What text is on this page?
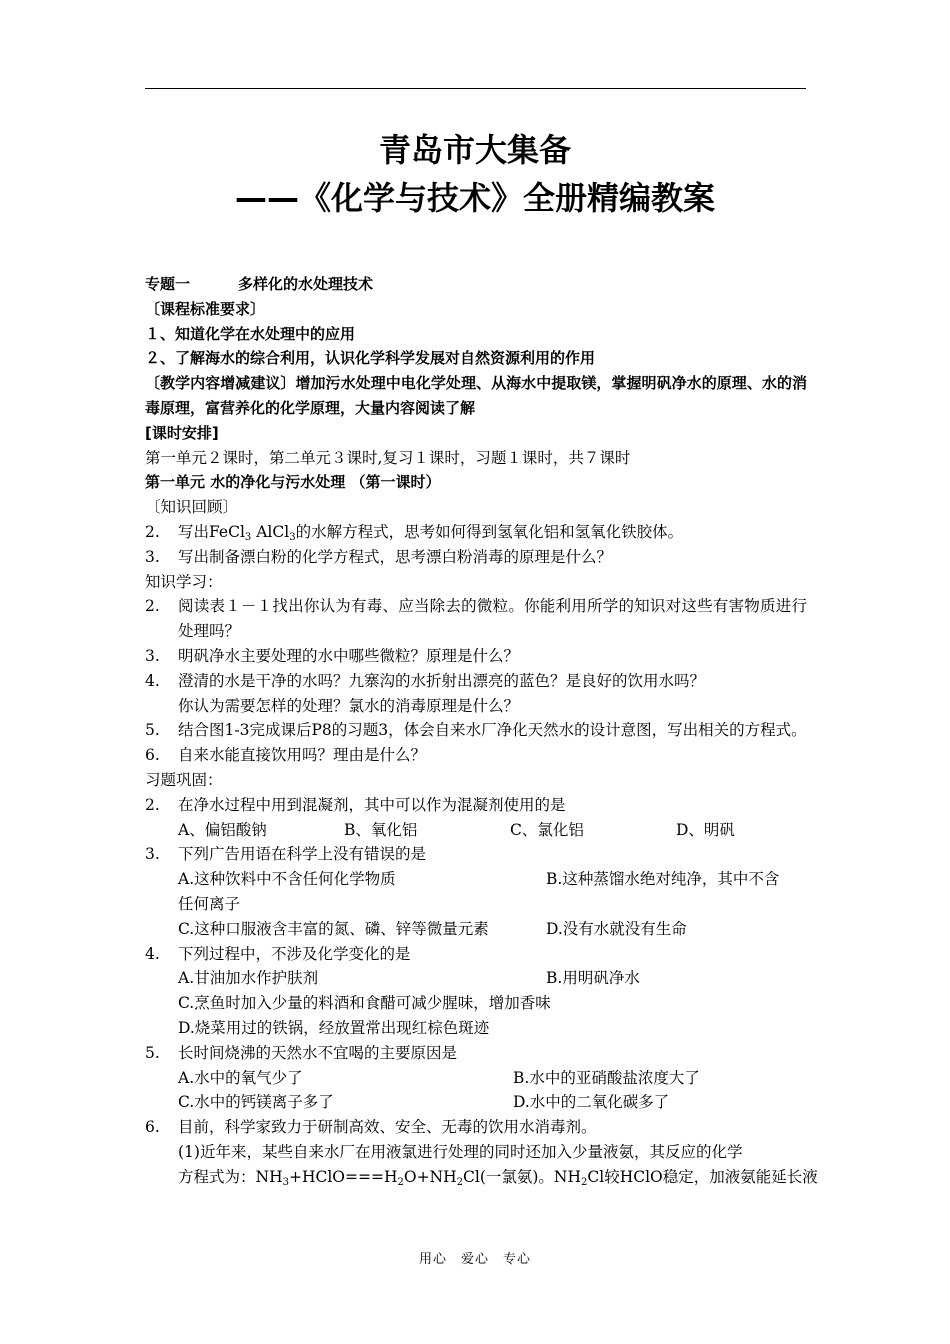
青岛市大集备
——《化学与技术》全册精编教案
专题一	多样化的水处理技术
〔课程标准要求〕
１、知道化学在水处理中的应用
２、了解海水的综合利用，认识化学科学发展对自然资源利用的作用
〔教学内容增减建议〕增加污水处理中电化学处理、从海水中提取镁，掌握明矾净水的原理、水的消毒原理，富营养化的化学原理，大量内容阅读了解
[课时安排]
第一单元２课时，第二单元３课时,复习１课时，习题１课时，共７课时
第一单元 水的净化与污水处理 （第一课时）
〔知识回顾〕
2. 写出FeCl$_3$ AlCl$_3$的水解方程式，思考如何得到氢氧化铝和氢氧化铁胶体。
3. 写出制备漂白粉的化学方程式，思考漂白粉消毒的原理是什么？
知识学习：
2. 阅读表１－１找出你认为有毒、应当除去的微粒。你能利用所学的知识对这些有害物质进行处理吗？
3. 明矾净水主要处理的水中哪些微粒？原理是什么？
4. 澄清的水是干净的水吗？九寨沟的水折射出漂亮的蓝色？是良好的饮用水吗？
你认为需要怎样的处理？氯水的消毒原理是什么？
5. 结合图1-3完成课后P8的习题3，体会自来水厂净化天然水的设计意图，写出相关的方程式。
6. 自来水能直接饮用吗？理由是什么？
习题巩固：
2. 在净水过程中用到混凝剂，其中可以作为混凝剂使用的是
A、偏铝酸钠	B、氧化铝	C、氯化铝	D、明矾
3. 下列广告用语在科学上没有错误的是
A.这种饮料中不含任何化学物质	B.这种蒸馏水绝对纯净，其中不含
任何离子
C.这种口服液含丰富的氮、磷、锌等微量元素	D.没有水就没有生命
4. 下列过程中，不涉及化学变化的是
A.甘油加水作护肤剂	B.用明矾净水
C.烹鱼时加入少量的料酒和食醋可减少腥味，增加香味
D.烧菜用过的铁锅，经放置常出现红棕色斑迹
5. 长时间烧沸的天然水不宜喝的主要原因是
A.水中的氧气少了	B.水中的亚硝酸盐浓度大了
C.水中的钙镁离子多了	D.水中的二氧化碳多了
6. 目前，科学家致力于研制高效、安全、无毒的饮用水消毒剂。
(1)近年来，某些自来水厂在用液氯进行处理的同时还加入少量液氨，其反应的化学
方程式为：$NH_3+HClO===H_2O+NH_2Cl$(一氯氨)。$NH_2Cl$较HClO稳定，加液氨能延长液
用心　爱心　专心
